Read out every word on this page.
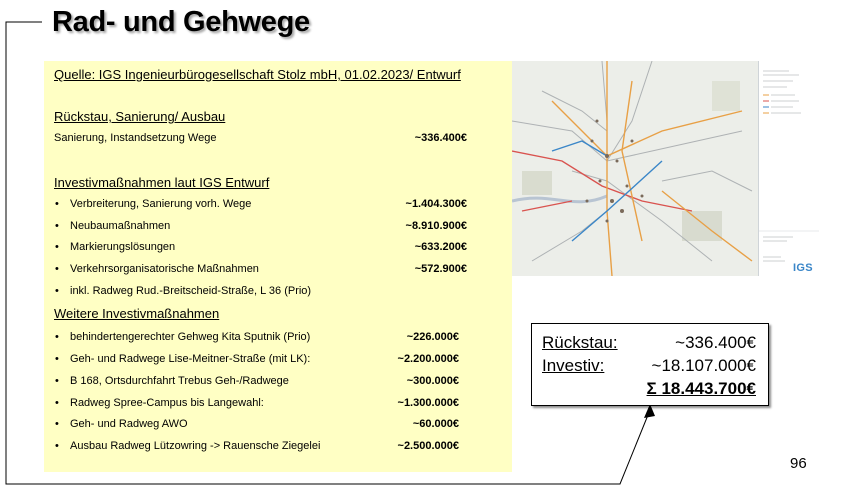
Rad- und Gehwege
Quelle: IGS Ingenieurbürogesellschaft Stolz mbH, 01.02.2023/ Entwurf
Rückstau, Sanierung/ Ausbau
Sanierung, Instandsetzung Wege	~336.400€
Investivmaßnahmen laut IGS Entwurf
• Verbreiterung, Sanierung vorh. Wege	~1.404.300€
• Neubaumaßnahmen	~8.910.900€
• Markierungslösungen	~633.200€
• Verkehrsorganisatorische Maßnahmen	~572.900€
• inkl. Radweg Rud.-Breitscheid-Straße, L 36 (Prio)
Weitere Investivmaßnahmen
• behindertengerechter Gehweg Kita Sputnik (Prio)	~226.000€
• Geh- und Radwege Lise-Meitner-Straße (mit LK):	~2.200.000€
• B 168, Ortsdurchfahrt Trebus Geh-/Radwege	~300.000€
• Radweg Spree-Campus bis Langewahl:	~1.300.000€
• Geh- und Radweg AWO	~60.000€
• Ausbau Radweg Lützowring -> Rauensche Ziegelei	~2.500.000€
IGS
Rückstau:	~336.400€
Investiv:	~18.107.000€
Σ 18.443.700€
96
